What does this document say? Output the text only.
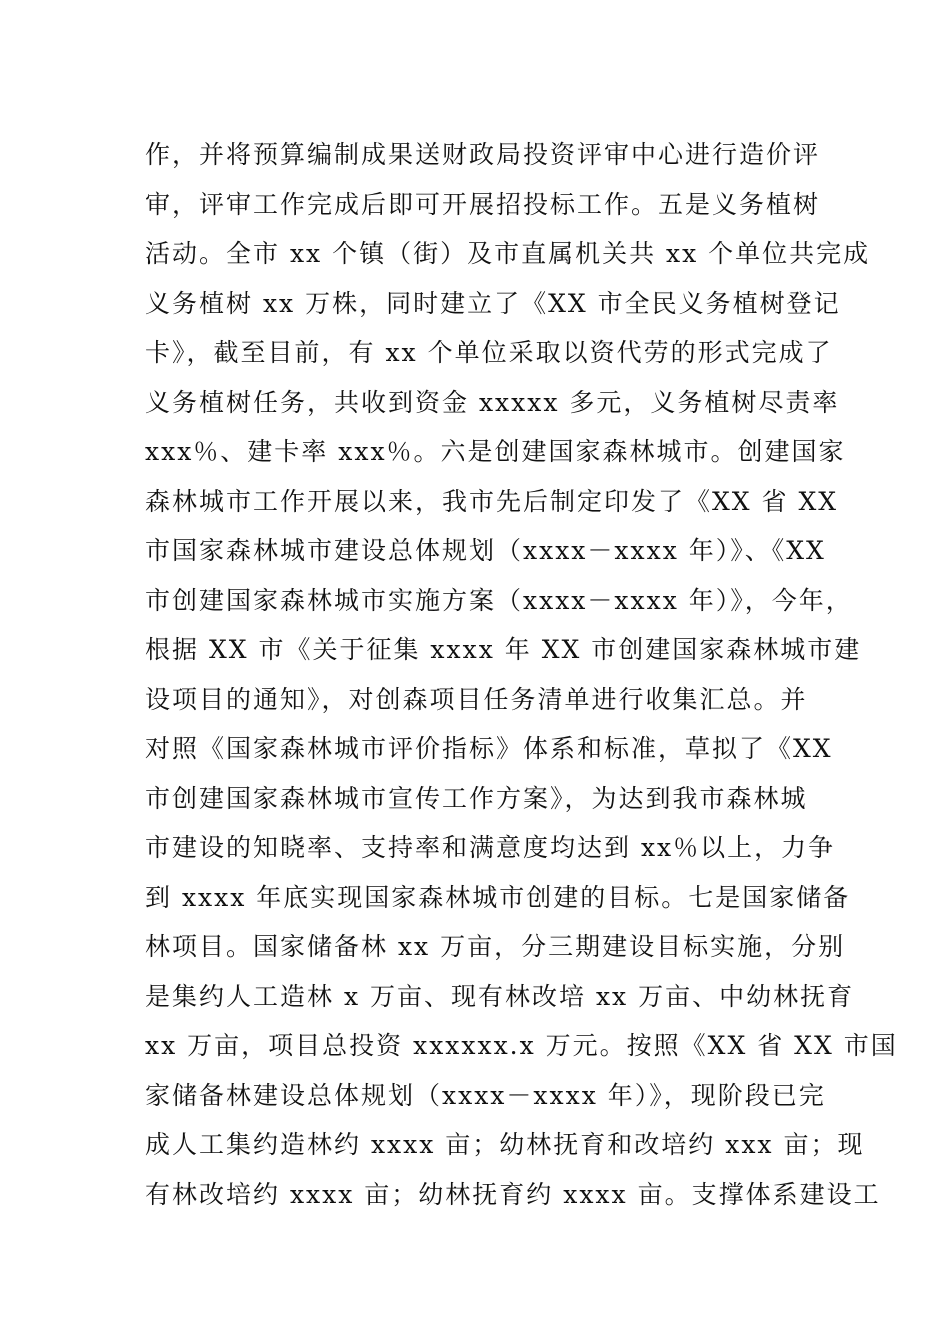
作，并将预算编制成果送财政局投资评审中心进行造价评
审，评审工作完成后即可开展招投标工作。五是义务植树
活动。全市 xx 个镇（街）及市直属机关共 xx 个单位共完成
义务植树 xx 万株，同时建立了《XX 市全民义务植树登记
卡》，截至目前，有 xx 个单位采取以资代劳的形式完成了
义务植树任务，共收到资金 xxxxx 多元，义务植树尽责率
xxx％、建卡率 xxx％。六是创建国家森林城市。创建国家
森林城市工作开展以来，我市先后制定印发了《XX 省 XX
市国家森林城市建设总体规划（xxxx－xxxx 年）》、《XX
市创建国家森林城市实施方案（xxxx－xxxx 年）》，今年，
根据 XX 市《关于征集 xxxx 年 XX 市创建国家森林城市建
设项目的通知》，对创森项目任务清单进行收集汇总。并
对照《国家森林城市评价指标》体系和标准，草拟了《XX
市创建国家森林城市宣传工作方案》，为达到我市森林城
市建设的知晓率、支持率和满意度均达到 xx％以上，力争
到 xxxx 年底实现国家森林城市创建的目标。七是国家储备
林项目。国家储备林 xx 万亩，分三期建设目标实施，分别
是集约人工造林 x 万亩、现有林改培 xx 万亩、中幼林抚育
xx 万亩，项目总投资 xxxxxx.x 万元。按照《XX 省 XX 市国
家储备林建设总体规划（xxxx－xxxx 年）》，现阶段已完
成人工集约造林约 xxxx 亩；幼林抚育和改培约 xxx 亩；现
有林改培约 xxxx 亩；幼林抚育约 xxxx 亩。支撑体系建设工
